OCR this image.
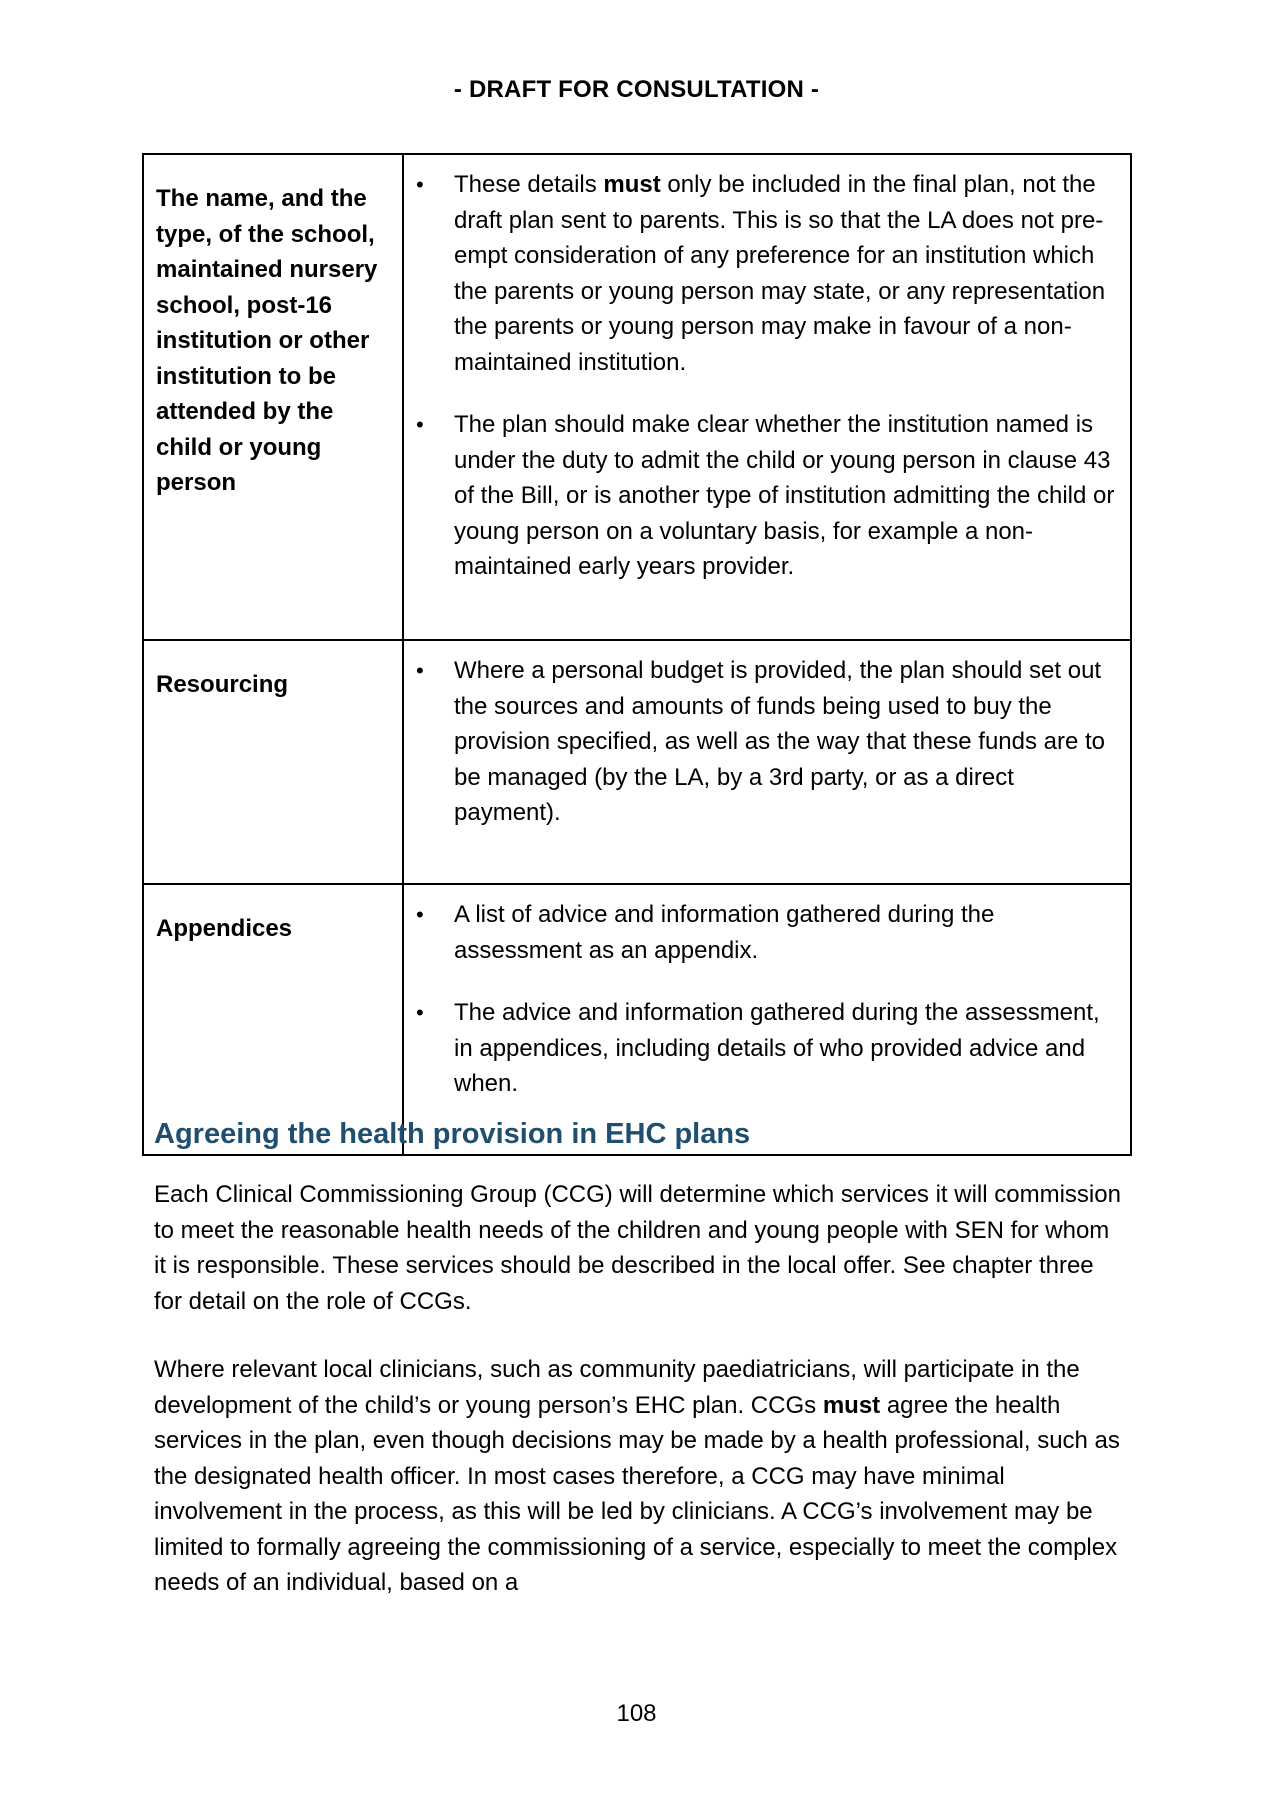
- DRAFT FOR CONSULTATION -
The name, and the type, of the school, maintained nursery school, post-16 institution or other institution to be attended by the child or young person	
• These details must only be included in the final plan, not the draft plan sent to parents. This is so that the LA does not pre-empt consideration of any preference for an institution which the parents or young person may state, or any representation the parents or young person may make in favour of a non-maintained institution.
• The plan should make clear whether the institution named is under the duty to admit the child or young person in clause 43 of the Bill, or is another type of institution admitting the child or young person on a voluntary basis, for example a non-maintained early years provider.

Resourcing	
• Where a personal budget is provided, the plan should set out the sources and amounts of funds being used to buy the provision specified, as well as the way that these funds are to be managed (by the LA, by a 3rd party, or as a direct payment).

Appendices	
• A list of advice and information gathered during the assessment as an appendix.
• The advice and information gathered during the assessment, in appendices, including details of who provided advice and when.
Agreeing the health provision in EHC plans

Each Clinical Commissioning Group (CCG) will determine which services it will commission to meet the reasonable health needs of the children and young people with SEN for whom it is responsible. These services should be described in the local offer. See chapter three for detail on the role of CCGs.

Where relevant local clinicians, such as community paediatricians, will participate in the development of the child’s or young person’s EHC plan. CCGs must agree the health services in the plan, even though decisions may be made by a health professional, such as the designated health officer. In most cases therefore, a CCG may have minimal involvement in the process, as this will be led by clinicians. A CCG’s involvement may be limited to formally agreeing the commissioning of a service, especially to meet the complex needs of an individual, based on a

108
